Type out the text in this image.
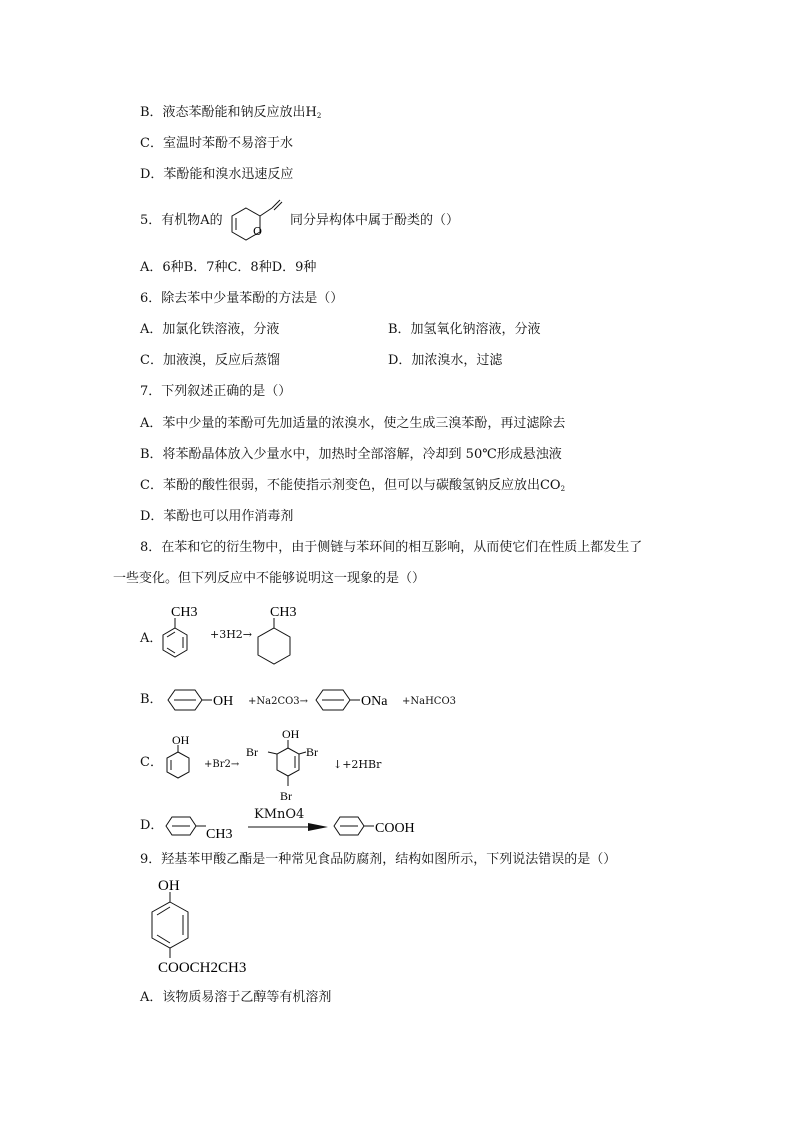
B．液态苯酚能和钠反应放出$H_2$
C．室温时苯酚不易溶于水
D．苯酚能和溴水迅速反应
5．有机物A的
O
同分异构体中属于酚类的（）
A．6种B．7种C．8种D．9种
6．除去苯中少量苯酚的方法是（）
A．加氯化铁溶液，分液	B．加氢氧化钠溶液，分液
C．加液溴，反应后蒸馏	D．加浓溴水，过滤
7．下列叙述正确的是（）
A．苯中少量的苯酚可先加适量的浓溴水，使之生成三溴苯酚，再过滤除去
B．将苯酚晶体放入少量水中，加热时全部溶解，冷却到 50℃形成悬浊液
C．苯酚的酸性很弱，不能使指示剂变色，但可以与碳酸氢钠反应放出$CO_2$
D．苯酚也可以用作消毒剂
8．在苯和它的衍生物中，由于侧链与苯环间的相互影响，从而使它们在性质上都发生了
一些变化。但下列反应中不能够说明这一现象的是（）
A．
CH3
+3H2→
CH3
B．	OH +Na2CO3→	ONa +NaHCO3
C．
OH
+Br2→
OH
Br	Br
Br
↓+2HBr
D．
CH3
KMnO4
COOH
9．羟基苯甲酸乙酯是一种常见食品防腐剂，结构如图所示，下列说法错误的是（）
OH
COOCH2CH3
A．该物质易溶于乙醇等有机溶剂
